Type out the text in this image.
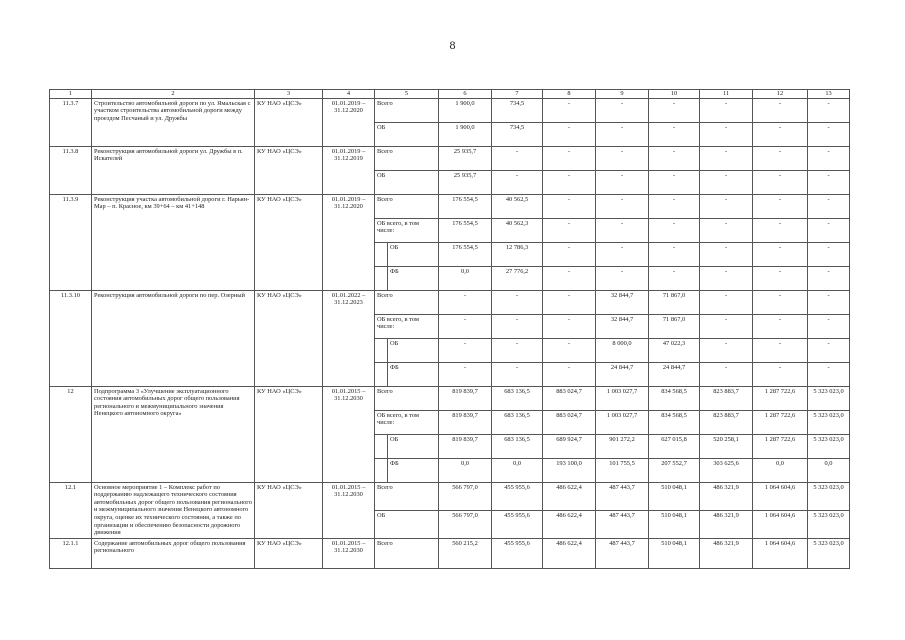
8
1	2	3	4	5		6	7	8	9	10	11	12	13
11.3.7	Строительство автомобильной дороги по ул. Ямальская с участком строительства автомобильной дороги между проездом Песчаный и ул. Дружбы	КУ НАО «ЦСЭ»	01.01.2019 – 31.12.2020	Всего		1 900,0	734,5	-	-	-	-	-	-
				ОБ		1 900,0	734,5	-	-	-	-	-	-
11.3.8	Реконструкция автомобильной дороги ул. Дружбы в п. Искателей	КУ НАО «ЦСЭ»	01.01.2019 – 31.12.2019	Всего		25 935,7	-	-	-	-	-	-	-
				ОБ		25 935,7	-	-	-	-	-	-	-
11.3.9	Реконструкция участка автомобильной дороги г. Нарьян-Мар – п. Красное, км 39+64 – км 41+148	КУ НАО «ЦСЭ»	01.01.2019 – 31.12.2020	Всего		176 554,5	40 562,5	-	-	-	-	-	-
				ОБ всего, в том числе:		176 554,5	40 562,3	-	-	-	-	-	-
					ОБ	176 554,5	12 786,3	-	-	-	-	-	-
					ФБ	0,0	27 776,2	-	-	-	-	-	-
11.3.10	Реконструкция автомобильной дороги по пер. Озерный	КУ НАО «ЦСЭ»	01.01.2022 – 31.12.2023	Всего		-	-	-	32 844,7	71 867,0	-	-	-
				ОБ всего, в том числе:		-	-	-	32 844,7	71 867,0	-	-	-
					ОБ	-	-	-	8 000,0	47 022,3	-	-	-
					ФБ	-	-	-	24 844,7	24 844,7	-	-	-
12	Подпрограмма 3 «Улучшение эксплуатационного состояния автомобильных дорог общего пользования регионального и межмуниципального значения Ненецкого автономного округа»	КУ НАО «ЦСЭ»	01.01.2015 – 31.12.2030	Всего		819 839,7	683 136,5	883 024,7	1 003 027,7	834 568,5	823 883,7	1 287 722,6	5 323 023,0
				ОБ всего, в том числе:		819 839,7	683 136,5	883 024,7	1 003 027,7	834 568,5	823 883,7	1 287 722,6	5 323 023,0
					ОБ	819 839,7	683 136,5	689 924,7	901 272,2	627 015,8	520 258,1	1 287 722,6	5 323 023,0
					ФБ	0,0	0,0	193 100,0	101 755,5	207 552,7	303 625,6	0,0	0,0
12.1	Основное мероприятие 1 – Комплекс работ по поддержанию надлежащего технического состояния автомобильных дорог общего пользования регионального и межмуниципального значения Ненецкого автономного округа, оценке их технического состояния, а также по организации и обеспечению безопасности дорожного движения	КУ НАО «ЦСЭ»	01.01.2015 – 31.12.2030	Всего		566 797,0	455 955,6	486 622,4	487 443,7	510 048,1	486 321,9	1 064 604,6	5 323 023,0
				ОБ		566 797,0	455 955,6	486 622,4	487 443,7	510 048,1	486 321,9	1 064 604,6	5 323 023,0
12.1.1	Содержание автомобильных дорог общего пользования регионального	КУ НАО «ЦСЭ»	01.01.2015 – 31.12.2030	Всего		560 215,2	455 955,6	486 622,4	487 443,7	510 048,1	486 321,9	1 064 604,6	5 323 023,0
